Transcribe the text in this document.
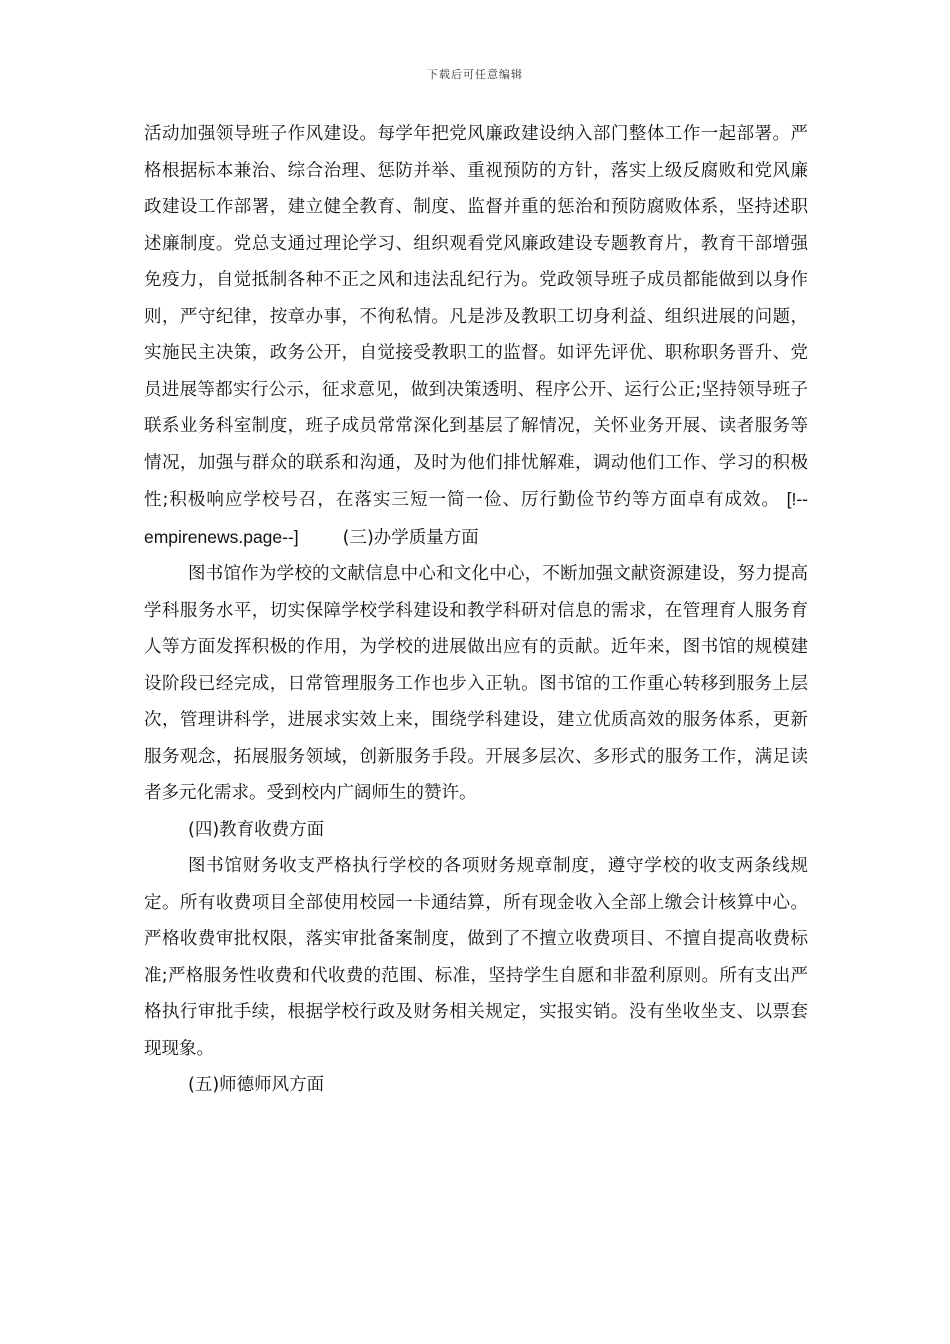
下载后可任意编辑

活动加强领导班子作风建设。每学年把党风廉政建设纳入部门整体工作一起部署。严格根据标本兼治、综合治理、惩防并举、重视预防的方针，落实上级反腐败和党风廉政建设工作部署，建立健全教育、制度、监督并重的惩治和预防腐败体系，坚持述职述廉制度。党总支通过理论学习、组织观看党风廉政建设专题教育片，教育干部增强免疫力，自觉抵制各种不正之风和违法乱纪行为。党政领导班子成员都能做到以身作则，严守纪律，按章办事，不徇私情。凡是涉及教职工切身利益、组织进展的问题，实施民主决策，政务公开，自觉接受教职工的监督。如评先评优、职称职务晋升、党员进展等都实行公示，征求意见，做到决策透明、程序公开、运行公正;坚持领导班子联系业务科室制度，班子成员常常深化到基层了解情况，关怀业务开展、读者服务等情况，加强与群众的联系和沟通，及时为他们排忧解难，调动他们工作、学习的积极性;积极响应学校号召，在落实三短一简一俭、厉行勤俭节约等方面卓有成效。 [!--empirenews.page--]	(三)办学质量方面

图书馆作为学校的文献信息中心和文化中心，不断加强文献资源建设，努力提高学科服务水平，切实保障学校学科建设和教学科研对信息的需求，在管理育人服务育人等方面发挥积极的作用，为学校的进展做出应有的贡献。近年来，图书馆的规模建设阶段已经完成，日常管理服务工作也步入正轨。图书馆的工作重心转移到服务上层次，管理讲科学，进展求实效上来，围绕学科建设，建立优质高效的服务体系，更新服务观念，拓展服务领域，创新服务手段。开展多层次、多形式的服务工作，满足读者多元化需求。受到校内广阔师生的赞许。

(四)教育收费方面

图书馆财务收支严格执行学校的各项财务规章制度，遵守学校的收支两条线规定。所有收费项目全部使用校园一卡通结算，所有现金收入全部上缴会计核算中心。严格收费审批权限，落实审批备案制度，做到了不擅立收费项目、不擅自提高收费标准;严格服务性收费和代收费的范围、标准，坚持学生自愿和非盈利原则。所有支出严格执行审批手续，根据学校行政及财务相关规定，实报实销。没有坐收坐支、以票套现现象。

(五)师德师风方面
